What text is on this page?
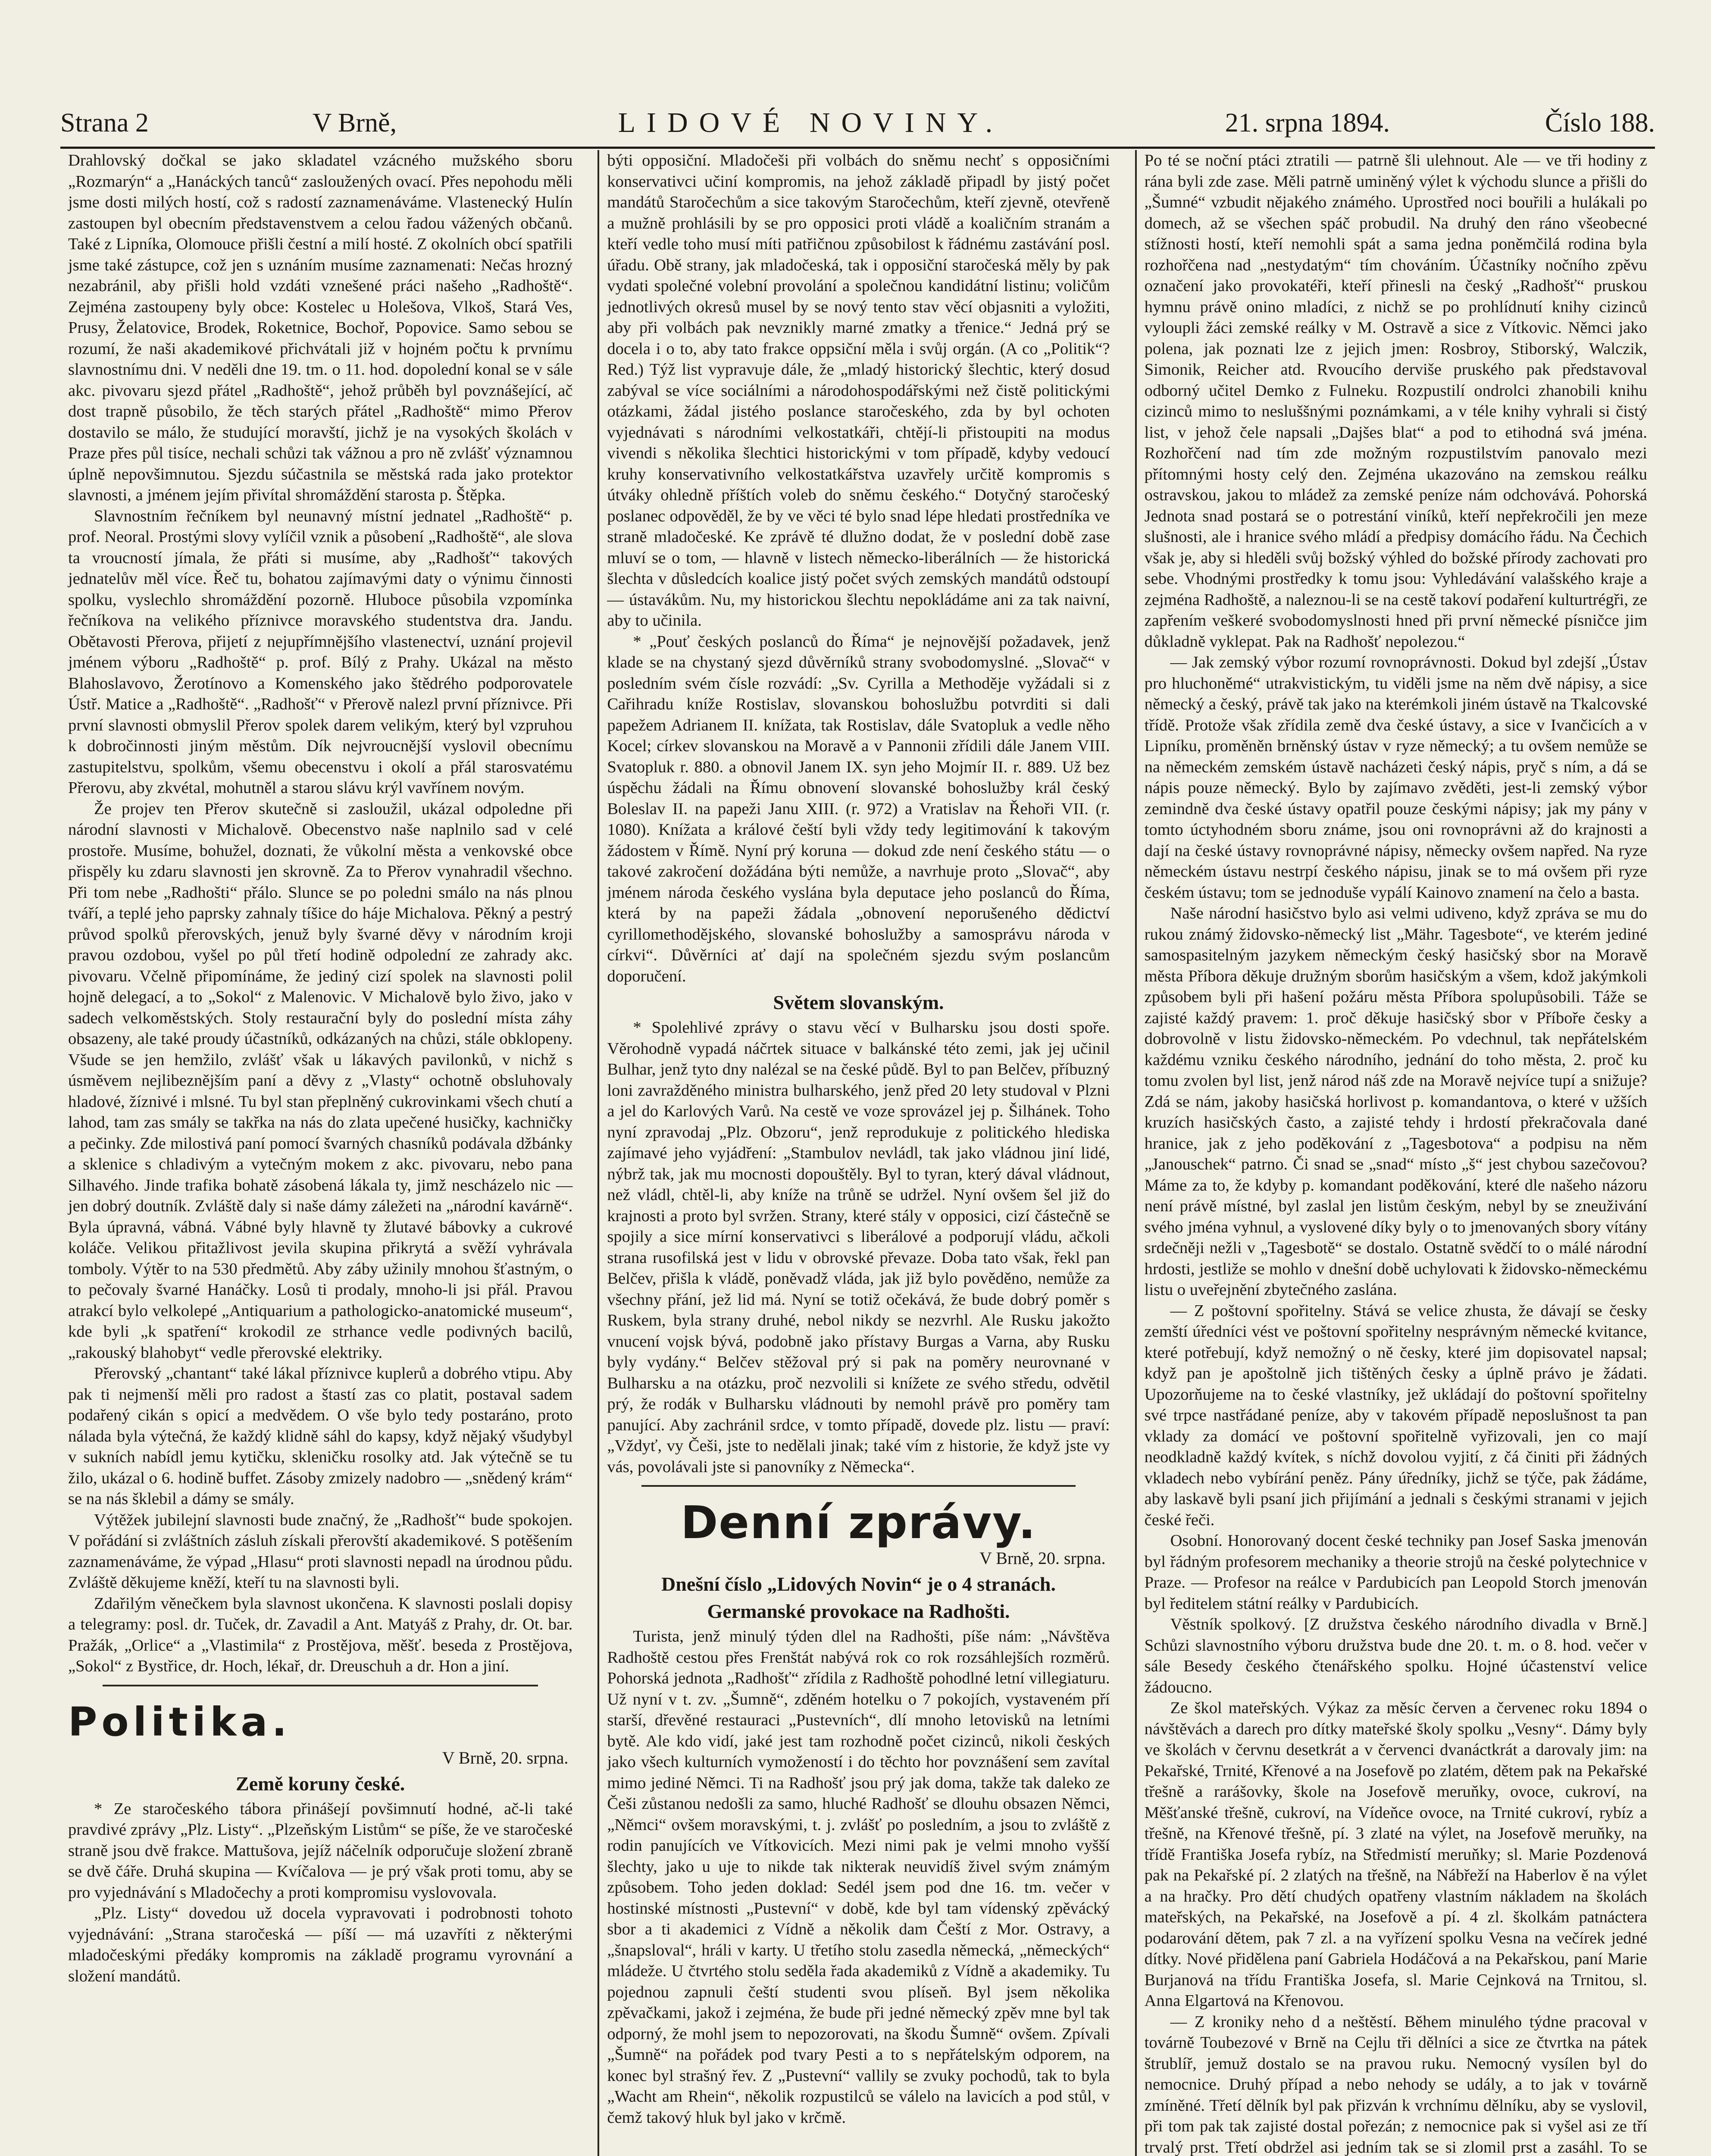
Strana 2	V Brně,	LIDOVÉ NOVINY.	21. srpna 1894.	Číslo 188.

Drahlovský dočkal se jako skladatel vzácného mužského sboru „Rozmarýn“ a „Hanáckých tanců“ zasloužených ovací. Přes nepohodu měli jsme dosti milých hostí, což s radostí zaznamenáváme. Vlastenecký Hulín zastoupen byl obecním představenstvem a celou řadou vážených občanů. Také z Lipníka, Olomouce přišli čestní a milí hosté. Z okolních obcí spatřili jsme také zástupce, což jen s uznáním musíme zaznamenati: Nečas hrozný nezabránil, aby přišli hold vzdáti vznešené práci našeho „Radhoště“. Zejména zastoupeny byly obce: Kostelec u Holešova, Vlkoš, Stará Ves, Prusy, Želatovice, Brodek, Roketnice, Bochoř, Popovice. Samo sebou se rozumí, že naši akademikové přichvátali již v hojném počtu k prvnímu slavnostnímu dni. V neděli dne 19. tm. o 11. hod. dopolední konal se v sále akc. pivovaru sjezd přátel „Radhoště“, jehož průběh byl povznášející, ač dost trapně působilo, že těch starých přátel „Radhoště“ mimo Přerov dostavilo se málo, že studující moravští, jichž je na vysokých školách v Praze přes půl tisíce, nechali schůzi tak vážnou a pro ně zvlášť významnou úplně nepovšimnutou. Sjezdu súčastnila se městská rada jako protektor slavnosti, a jménem jejím přivítal shromáždění starosta p. Štěpka.

Slavnostním řečníkem byl neunavný místní jednatel „Radhoště“ p. prof. Neoral. Prostými slovy vylíčil vznik a působení „Radhoště“, ale slova ta vroucností jímala, že přáti si musíme, aby „Radhošť“ takových jednatelův měl více. Řeč tu, bohatou zajímavými daty o výnimu činnosti spolku, vyslechlo shromáždění pozorně. Hluboce působila vzpomínka řečníkova na velikého příznivce moravského studentstva dra. Jandu. Obětavosti Přerova, přijetí z nejupřímnějšího vlastenectví, uznání projevil jménem výboru „Radhoště“ p. prof. Bílý z Prahy. Ukázal na město Blahoslavovo, Žerotínovo a Komenského jako štědrého podporovatele Ústř. Matice a „Radhoště“. „Radhošť“ v Přerově nalezl první příznivce. Při první slavnosti obmyslil Přerov spolek darem velikým, který byl vzpruhou k dobročinnosti jiným městům. Dík nejvroucnější vyslovil obecnímu zastupitelstvu, spolkům, všemu obecenstvu i okolí a přál starosvatému Přerovu, aby zkvétal, mohutněl a starou slávu krýl vavřínem novým.

Že projev ten Přerov skutečně si zasloužil, ukázal odpoledne při národní slavnosti v Michalově. Obecenstvo naše naplnilo sad v celé prostoře. Musíme, bohužel, doznati, že vůkolní města a venkovské obce přispěly ku zdaru slavnosti jen skrovně. Za to Přerov vynahradil všechno. Při tom nebe „Radhošti“ přálo. Slunce se po poledni smálo na nás plnou tváří, a teplé jeho paprsky zahnaly tíšice do háje Michalova. Pěkný a pestrý průvod spolků přerovských, jenuž byly švarné děvy v národním kroji pravou ozdobou, vyšel po půl třetí hodině odpolední ze zahrady akc. pivovaru. Včelně připomínáme, že jediný cizí spolek na slavnosti polil hojně delegací, a to „Sokol“ z Malenovic. V Michalově bylo živo, jako v sadech velkoměstských. Stoly restaurační byly do poslední místa záhy obsazeny, ale také proudy účastníků, odkázaných na chůzi, stále obklopeny. Všude se jen hemžilo, zvlášť však u lákavých pavilonků, v nichž s úsměvem nejlibeznějším paní a děvy z „Vlasty“ ochotně obsluhovaly hladové, žíznivé i mlsné. Tu byl stan přeplněný cukrovinkami všech chutí a lahod, tam zas smály se takřka na nás do zlata upečené husičky, kachničky a pečinky. Zde milostivá paní pomocí švarných chasníků podávala džbánky a sklenice s chladivým a vytečným mokem z akc. pivovaru, nebo pana Silhavého. Jinde trafika bohatě zásobená lákala ty, jimž nescházelo nic — jen dobrý doutník. Zvláště daly si naše dámy záležeti na „národní kavárně“. Byla úpravná, vábná. Vábné byly hlavně ty žlutavé bábovky a cukrové koláče. Velikou přitažlivost jevila skupina přikrytá a svěží vyhrávala tomboly. Výtěr to na 530 předmětů. Aby záby užinily mnohou šťastným, o to pečovaly švarné Hanáčky. Losů ti prodaly, mnoho-li jsi přál. Pravou atrakcí bylo velkolepé „Antiquarium a pathologicko-anatomické museum“, kde byli „k spatření“ krokodil ze strhance vedle podivných bacilů, „rakouský blahobyt“ vedle přerovské elektriky.

Přerovský „chantant“ také lákal příznivce kuplerů a dobrého vtipu. Aby pak ti nejmenší měli pro radost a štastí zas co platit, postaval sadem podařený cikán s opicí a medvědem. O vše bylo tedy postaráno, proto nálada byla výtečná, že každý klidně sáhl do kapsy, když nějaký všudybyl v sukních nabídl jemu kytičku, skleničku rosolky atd. Jak výtečně se tu žilo, ukázal o 6. hodině buffet. Zásoby zmizely nadobro — „snědený krám“ se na nás šklebil a dámy se smály.

Výtěžek jubilejní slavnosti bude značný, že „Radhošť“ bude spokojen. V pořádání si zvláštních zásluh získali přerovští akademikové. S potěšením zaznamenáváme, že výpad „Hlasu“ proti slavnosti nepadl na úrodnou půdu. Zvláště děkujeme kněží, kteří tu na slavnosti byli.

Zdařilým věnečkem byla slavnost ukončena. K slavnosti poslali dopisy a telegramy: posl. dr. Tuček, dr. Zavadil a Ant. Matyáš z Prahy, dr. Ot. bar. Pražák, „Orlice“ a „Vlastimila“ z Prostějova, měšť. beseda z Prostějova, „Sokol“ z Bystřice, dr. Hoch, lékař, dr. Dreuschuh a dr. Hon a jiní.

Politika.
V Brně, 20. srpna.
Země koruny české.

* Ze staročeského tábora přinášejí povšimnutí hodné, ač-li také pravdivé zprávy „Plz. Listy“. „Plzeňským Listům“ se píše, že ve staročeské straně jsou dvě frakce. Mattušova, jejíž náčelník odporučuje složení zbraně se dvě čáře. Druhá skupina — Kvíčalova — je prý však proti tomu, aby se pro vyjednávání s Mladočechy a proti kompromisu vyslovovala.

„Plz. Listy“ dovedou už docela vypravovati i podrobnosti tohoto vyjednávání: „Strana staročeská — píší — má uzavříti z některými mladočeskými předáky kompromis na základě programu vyrovnání a složení mandátů.

býti opposiční. Mladočeši při volbách do sněmu nechť s opposičními konservativci učiní kompromis, na jehož základě připadl by jistý počet mandátů Staročechům a sice takovým Staročechům, kteří zjevně, otevřeně a mužně prohlásili by se pro opposici proti vládě a koaličním stranám a kteří vedle toho musí míti patřičnou způsobilost k řádnému zastávání posl. úřadu. Obě strany, jak mladočeská, tak i opposiční staročeská měly by pak vydati společné volební provolání a společnou kandidátní listinu; voličům jednotlivých okresů musel by se nový tento stav věcí objasniti a vyložiti, aby při volbách pak nevznikly marné zmatky a třenice.“ Jedná prý se docela i o to, aby tato frakce oppsiční měla i svůj orgán. (A co „Politik“? Red.) Týž list vypravuje dále, že „mladý historický šlechtic, který dosud zabýval se více sociálními a národohospodářskými než čistě politickými otázkami, žádal jistého poslance staročeského, zda by byl ochoten vyjednávati s národními velkostatkáři, chtějí-li přistoupiti na modus vivendi s několika šlechtici historickými v tom případě, kdyby vedoucí kruhy konservativního velkostatkářstva uzavřely určitě kompromis s útváky ohledně příštích voleb do sněmu českého.“ Dotyčný staročeský poslanec odpověděl, že by ve věci té bylo snad lépe hledati prostředníka ve straně mladočeské. Ke zprávě té dlužno dodat, že v poslední době zase mluví se o tom, — hlavně v listech německo-liberálních — že historická šlechta v důsledcích koalice jistý počet svých zemských mandátů odstoupí — ústavákům. Nu, my historickou šlechtu nepokládáme ani za tak naivní, aby to učinila.

* „Pouť českých poslanců do Říma“ je nejnovější požadavek, jenž klade se na chystaný sjezd důvěrníků strany svobodomyslné. „Slovač“ v posledním svém čísle rozvádí: „Sv. Cyrilla a Methoděje vyžádali si z Cařihradu kníže Rostislav, slovanskou bohoslužbu potvrditi si dali papežem Adrianem II. knížata, tak Rostislav, dále Svatopluk a vedle něho Kocel; církev slovanskou na Moravě a v Pannonii zřídili dále Janem VIII. Svatopluk r. 880. a obnovil Janem IX. syn jeho Mojmír II. r. 889. Už bez úspěchu žádali na Římu obnovení slovanské bohoslužby král český Boleslav II. na papeži Janu XIII. (r. 972) a Vratislav na Řehoři VII. (r. 1080). Knížata a králové čeští byli vždy tedy legitimování k takovým žádostem v Římě. Nyní prý koruna — dokud zde není českého státu — o takové zakročení dožádána býti nemůže, a navrhuje proto „Slovač“, aby jménem národa českého vyslána byla deputace jeho poslanců do Říma, která by na papeži žádala „obnovení neporušeného dědictví cyrillomethodějského, slovanské bohoslužby a samosprávu národa v církvi“. Důvěrníci ať dají na společném sjezdu svým poslancům doporučení.

Světem slovanským.

* Spolehlivé zprávy o stavu věcí v Bulharsku jsou dosti spoře. Věrohodně vypadá náčrtek situace v balkánské této zemi, jak jej učinil Bulhar, jenž tyto dny nalézal se na české půdě. Byl to pan Belčev, příbuzný loni zavražděného ministra bulharského, jenž před 20 lety studoval v Plzni a jel do Karlových Varů. Na cestě ve voze sprovázel jej p. Šilhánek. Toho nyní zpravodaj „Plz. Obzoru“, jenž reprodukuje z politického hlediska zajímavé jeho vyjádření: „Stambulov nevládl, tak jako vládnou jiní lidé, nýbrž tak, jak mu mocnosti dopouštěly. Byl to tyran, který dával vládnout, než vládl, chtěl-li, aby kníže na trůně se udržel. Nyní ovšem šel již do krajnosti a proto byl svržen. Strany, které stály v opposici, cizí částečně se spojily a sice mírní konservativci s liberálové a podporují vládu, ačkoli strana rusofilská jest v lidu v obrovské převaze. Doba tato však, řekl pan Belčev, přišla k vládě, poněvadž vláda, jak již bylo pověděno, nemůže za všechny přání, jež lid má. Nyní se totiž očekává, že bude dobrý poměr s Ruskem, byla strany druhé, nebol nikdy se nezvrhl. Ale Rusku jakožto vnucení vojsk bývá, podobně jako přístavy Burgas a Varna, aby Rusku byly vydány.“ Belčev stěžoval prý si pak na poměry neurovnané v Bulharsku a na otázku, proč nezvolili si knížete ze svého středu, odvětil prý, že rodák v Bulharsku vládnouti by nemohl právě pro poměry tam panující. Aby zachránil srdce, v tomto případě, dovede plz. listu — praví: „Vždyť, vy Češi, jste to nedělali jinak; také vím z historie, že když jste vy vás, povolávali jste si panovníky z Německa“.

Denní zprávy.
V Brně, 20. srpna.
Dnešní číslo „Lidových Novin“ je o 4 stranách.
Germanské provokace na Radhošti.

Turista, jenž minulý týden dlel na Radhošti, píše nám: „Návštěva Radhoště cestou přes Frenštát nabývá rok co rok rozsáhlejších rozměrů. Pohorská jednota „Radhošť“ zřídila z Radhoště pohodlné letní villegiaturu. Už nyní v t. zv. „Šumně“, zděném hotelku o 7 pokojích, vystaveném pří starší, dřevěné restauraci „Pustevních“, dlí mnoho letovisků na letními bytě. Ale kdo vidí, jaké jest tam rozhodně počet cizinců, nikoli českých jako všech kulturních vymožeností i do těchto hor povznášení sem zavítal mimo jediné Němci. Ti na Radhošť jsou prý jak doma, takže tak daleko ze Češi zůstanou nedošli za samo, hluché Radhošť se dlouhu obsazen Němci, „Němci“ ovšem moravskými, t. j. zvlášť po posledním, a jsou to zvláště z rodin panujících ve Vítkovicích. Mezi nimi pak je velmi mnoho vyšší šlechty, jako u uje to nikde tak nikterak neuvidíš živel svým známým způsobem. Toho jeden doklad: Sedél jsem pod dne 16. tm. večer v hostinské místnosti „Pustevní“ v době, kde byl tam vídenský zpěvácký sbor a ti akademici z Vídně a několik dam Čeští z Mor. Ostravy, a „šnapsloval“, hráli v karty. U třetího stolu zasedla německá, „německých“ mládeže. U čtvrtého stolu seděla řada akademiků z Vídně a akademiky. Tu pojednou zapnuli čeští studenti svou plíseň. Byl jsem několika zpěvačkami, jakož i zejména, že bude při jedné německý zpěv mne byl tak odporný, že mohl jsem to nepozorovati, na škodu Šumně“ ovšem. Zpívali „Šumně“ na pořádek pod tvary Pesti a to s nepřátelským odporem, na konec byl strašný řev. Z „Pustevní“ vallily se zvuky pochodů, tak to byla „Wacht am Rhein“, několik rozpustilců se válelo na lavicích a pod stůl, v čemž takový hluk byl jako v krčmě.

Po té se noční ptáci ztratili — patrně šli ulehnout. Ale — ve tři hodiny z rána byli zde zase. Měli patrně uminěný výlet k východu slunce a přišli do „Šumné“ vzbudit nějakého známého. Uprostřed noci bouřili a hulákali po domech, až se všechen spáč probudil. Na druhý den ráno všeobecné stížnosti hostí, kteří nemohli spát a sama jedna poněmčilá rodina byla rozhořčena nad „nestydatým“ tím chováním. Účastníky nočního zpěvu označení jako provokatéři, kteří přinesli na český „Radhošť“ pruskou hymnu právě onino mladíci, z nichž se po prohlídnutí knihy cizinců vyloupli žáci zemské reálky v M. Ostravě a sice z Vítkovic. Němci jako polena, jak poznati lze z jejich jmen: Rosbroy, Stiborský, Walczik, Simonik, Reicher atd. Rvoucího derviše pruského pak představoval odborný učitel Demko z Fulneku. Rozpustilí ondrolci zhanobili knihu cizinců mimo to nesluššnými poznámkami, a v téle knihy vyhrali si čistý list, v jehož čele napsali „Dajšes blat“ a pod to etihodná svá jména. Rozhořčení nad tím zde možným rozpustilstvím panovalo mezi přítomnými hosty celý den. Zejména ukazováno na zemskou reálku ostravskou, jakou to mládež za zemské peníze nám odchovává. Pohorská Jednota snad postará se o potrestání viníků, kteří nepřekročili jen meze slušnosti, ale i hranice svého mládí a předpisy domácího řádu. Na Čechich však je, aby si hleděli svůj božský výhled do božské přírody zachovati pro sebe. Vhodnými prostředky k tomu jsou: Vyhledávání valašského kraje a zejména Radhoště, a naleznou-li se na cestě takoví podaření kulturtrégři, ze zapřením veškeré svobodomyslnosti hned při první německé písničce jim důkladně vyklepat. Pak na Radhošť nepolezou.“

— Jak zemský výbor rozumí rovnoprávnosti. Dokud byl zdejší „Ústav pro hluchoněmé“ utrakvistickým, tu viděli jsme na něm dvě nápisy, a sice německý a český, právě tak jako na kterémkoli jiném ústavě na Tkalcovské třídě. Protože však zřídila země dva české ústavy, a sice v Ivančicích a v Lipníku, proměněn brněnský ústav v ryze německý; a tu ovšem nemůže se na německém zemském ústavě nacházeti český nápis, pryč s ním, a dá se nápis pouze německý. Bylo by zajímavo zvěděti, jest-li zemský výbor zemindně dva české ústavy opatřil pouze českými nápisy; jak my pány v tomto úctyhodném sboru známe, jsou oni rovnoprávni až do krajnosti a dají na české ústavy rovnoprávné nápisy, německy ovšem napřed. Na ryze německém ústavu nestrpí českého nápisu, jinak se to má ovšem při ryze českém ústavu; tom se jednoduše vypálí Kainovo znamení na čelo a basta.

Naše národní hasičstvo bylo asi velmi udiveno, když zpráva se mu do rukou známý židovsko-německý list „Mähr. Tagesbote“, ve kterém jediné samospasitelným jazykem německým český hasičský sbor na Moravě města Příbora děkuje družným sborům hasičským a všem, kdož jakýmkoli způsobem byli při hašení požáru města Příbora spolupůsobili. Táže se zajisté každý pravem: 1. proč děkuje hasičský sbor v Příboře česky a dobrovolně v listu židovsko-německém. Po vdechnul, tak nepřátelském každému vzniku českého národního, jednání do toho města, 2. proč ku tomu zvolen byl list, jenž národ náš zde na Moravě nejvíce tupí a snižuje? Zdá se nám, jakoby hasičská horlivost p. komandantova, o které v užších kruzích hasičských často, a zajisté tehdy i hrdostí překračovala dané hranice, jak z jeho poděkování z „Tagesbotova“ a podpisu na něm „Janouschek“ patrno. Či snad se „snad“ místo „š“ jest chybou sazečovou? Máme za to, že kdyby p. komandant poděkování, které dle našeho názoru není právě místné, byl zaslal jen listům českým, nebyl by se zneuživání svého jména vyhnul, a vyslovené díky byly o to jmenovaných sbory vítány srdečněji nežli v „Tagesbotě“ se dostalo. Ostatně svědčí to o málé národní hrdosti, jestliže se mohlo v dnešní době uchylovati k židovsko-německému listu o uveřejnění zbytečného zaslána.

— Z poštovní spořitelny. Stává se velice zhusta, že dávají se česky zemští úředníci vést ve poštovní spořitelny nesprávným německé kvitance, které potřebují, když nemožný o ně česky, které jim dopisovatel napsal; když pan je apoštolně jich tištěných česky a úplně právo je žádati. Upozorňujeme na to české vlastníky, jež ukládají do poštovní spořitelny své trpce nastřádané peníze, aby v takovém případě neposlušnost ta pan vklady za domácí ve poštovní spořitelně vyřizovali, jen co mají neodkladně každý kvítek, s níchž dovolou vyjití, z čá činiti při žádných vkladech nebo vybírání peněz. Pány úředníky, jichž se týče, pak žádáme, aby laskavě byli psaní jich přijímání a jednali s českými stranami v jejich české řeči.

Osobní. Honorovaný docent české techniky pan Josef Saska jmenován byl řádným profesorem mechaniky a theorie strojů na české polytechnice v Praze. — Profesor na reálce v Pardubicích pan Leopold Storch jmenován byl ředitelem státní reálky v Pardubicích.

Věstník spolkový. [Z družstva českého národního divadla v Brně.] Schůzi slavnostního výboru družstva bude dne 20. t. m. o 8. hod. večer v sále Besedy českého čtenářského spolku. Hojné účastenství velice žádoucno.

Ze škol mateřských. Výkaz za měsíc červen a červenec roku 1894 o návštěvách a darech pro dítky mateřské školy spolku „Vesny“. Dámy byly ve školách v červnu desetkrát a v červenci dvanáctkrát a darovaly jim: na Pekařské, Trnité, Křenové a na Josefově po zlatém, dětem pak na Pekařské třešně a rarášovky, škole na Josefově meruňky, ovoce, cukroví, na Měšťanské třešně, cukroví, na Vídeňce ovoce, na Trnité cukroví, rybíz a třešně, na Křenové třešně, pí. 3 zlaté na výlet, na Josefově meruňky, na třídě Františka Josefa rybíz, na Středmistí meruňky; sl. Marie Pozdenová pak na Pekařské pí. 2 zlatých na třešně, na Nábřeží na Haberlov ě na výlet a na hračky. Pro dětí chudých opatřeny vlastním nákladem na školách mateřských, na Pekařské, na Josefově a pí. 4 zl. školkám patnáctera podarování dětem, pak 7 zl. a na vyřízení spolku Vesna na večírek jedné dítky. Nové přidělena paní Gabriela Hodáčová a na Pekařskou, paní Marie Burjanová na třídu Františka Josefa, sl. Marie Cejnková na Trnitou, sl. Anna Elgartová na Křenovou.

— Z kroniky neho d a neštěstí. Během minulého týdne pracoval v továrně Toubezové v Brně na Cejlu tři dělníci a sice ze čtvrtka na pátek štrublíř, jemuž dostalo se na pravou ruku. Nemocný vysílen byl do nemocnice. Druhý případ a nebo nehody se udály, a to jak v továrně zmíněné. Třetí dělník byl pak přizván k vrchnímu dělníku, aby se vyslovil, při tom pak tak zajisté dostal pořezán; z nemocnice pak si vyšel asi ze tří trvalý prst. Třetí obdržel asi jedním tak se si zlomil prst a zasáhl. To se
